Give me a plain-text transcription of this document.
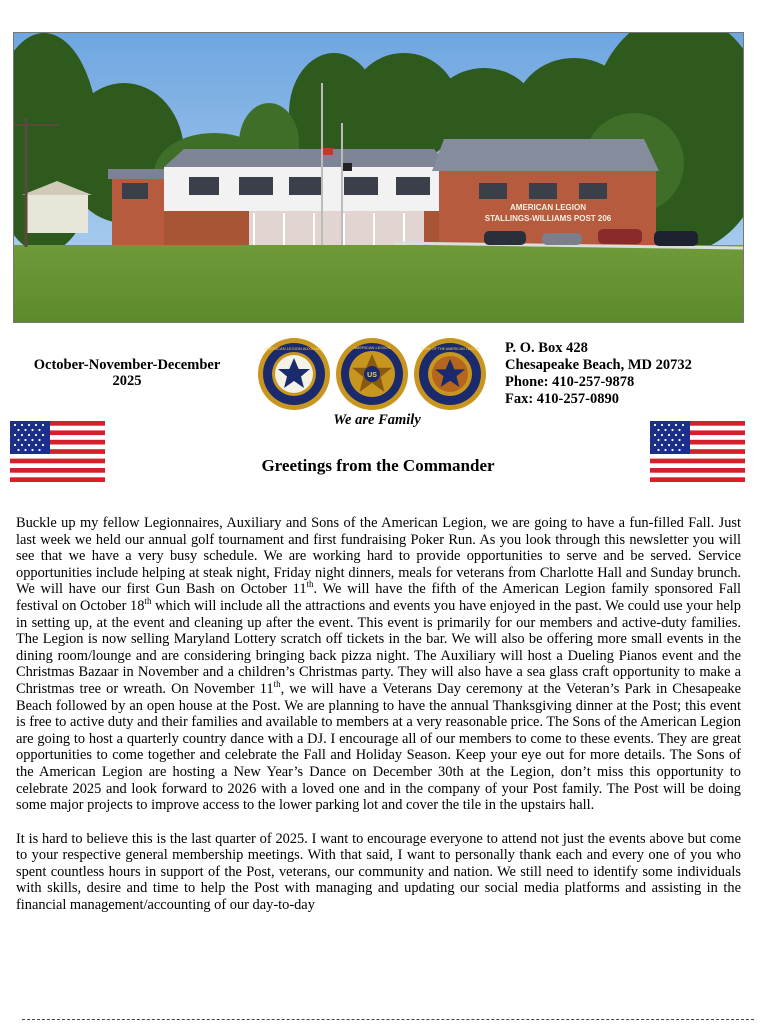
AMERICAN LEGION
STALLINGS-WILLIAMS POST 206
October-November-December
2025
AMERICAN LEGION AUXILIARY
US
AMERICAN LEGION	SONS OF THE AMERICAN LEGION
We are Family
P. O. Box 428
Chesapeake Beach, MD 20732
Phone: 410-257-9878
Fax: 410-257-0890
Greetings from the Commander

Buckle up my fellow Legionnaires, Auxiliary and Sons of the American Legion, we are going to have a fun-filled Fall. Just last week we held our annual golf tournament and first fundraising Poker Run. As you look through this newsletter you will see that we have a very busy schedule. We are working hard to provide opportunities to serve and be served. Service opportunities include helping at steak night, Friday night dinners, meals for veterans from Charlotte Hall and Sunday brunch. We will have our first Gun Bash on October 11th. We will have the fifth of the American Legion family sponsored Fall festival on October 18th which will include all the attractions and events you have enjoyed in the past. We could use your help in setting up, at the event and cleaning up after the event. This event is primarily for our members and active-duty families. The Legion is now selling Maryland Lottery scratch off tickets in the bar. We will also be offering more small events in the dining room/lounge and are considering bringing back pizza night. The Auxiliary will host a Dueling Pianos event and the Christmas Bazaar in November and a children’s Christmas party. They will also have a sea glass craft opportunity to make a Christmas tree or wreath. On November 11th, we will have a Veterans Day ceremony at the Veteran’s Park in Chesapeake Beach followed by an open house at the Post. We are planning to have the annual Thanksgiving dinner at the Post; this event is free to active duty and their families and available to members at a very reasonable price. The Sons of the American Legion are going to host a quarterly country dance with a DJ. I encourage all of our members to come to these events. They are great opportunities to come together and celebrate the Fall and Holiday Season. Keep your eye out for more details. The Sons of the American Legion are hosting a New Year’s Dance on December 30th at the Legion, don’t miss this opportunity to celebrate 2025 and look forward to 2026 with a loved one and in the company of your Post family. The Post will be doing some major projects to improve access to the lower parking lot and cover the tile in the upstairs hall.

It is hard to believe this is the last quarter of 2025. I want to encourage everyone to attend not just the events above but come to your respective general membership meetings. With that said, I want to personally thank each and every one of you who spent countless hours in support of the Post, veterans, our community and nation. We still need to identify some individuals with skills, desire and time to help the Post with managing and updating our social media platforms and assisting in the financial management/accounting of our day-to-day
